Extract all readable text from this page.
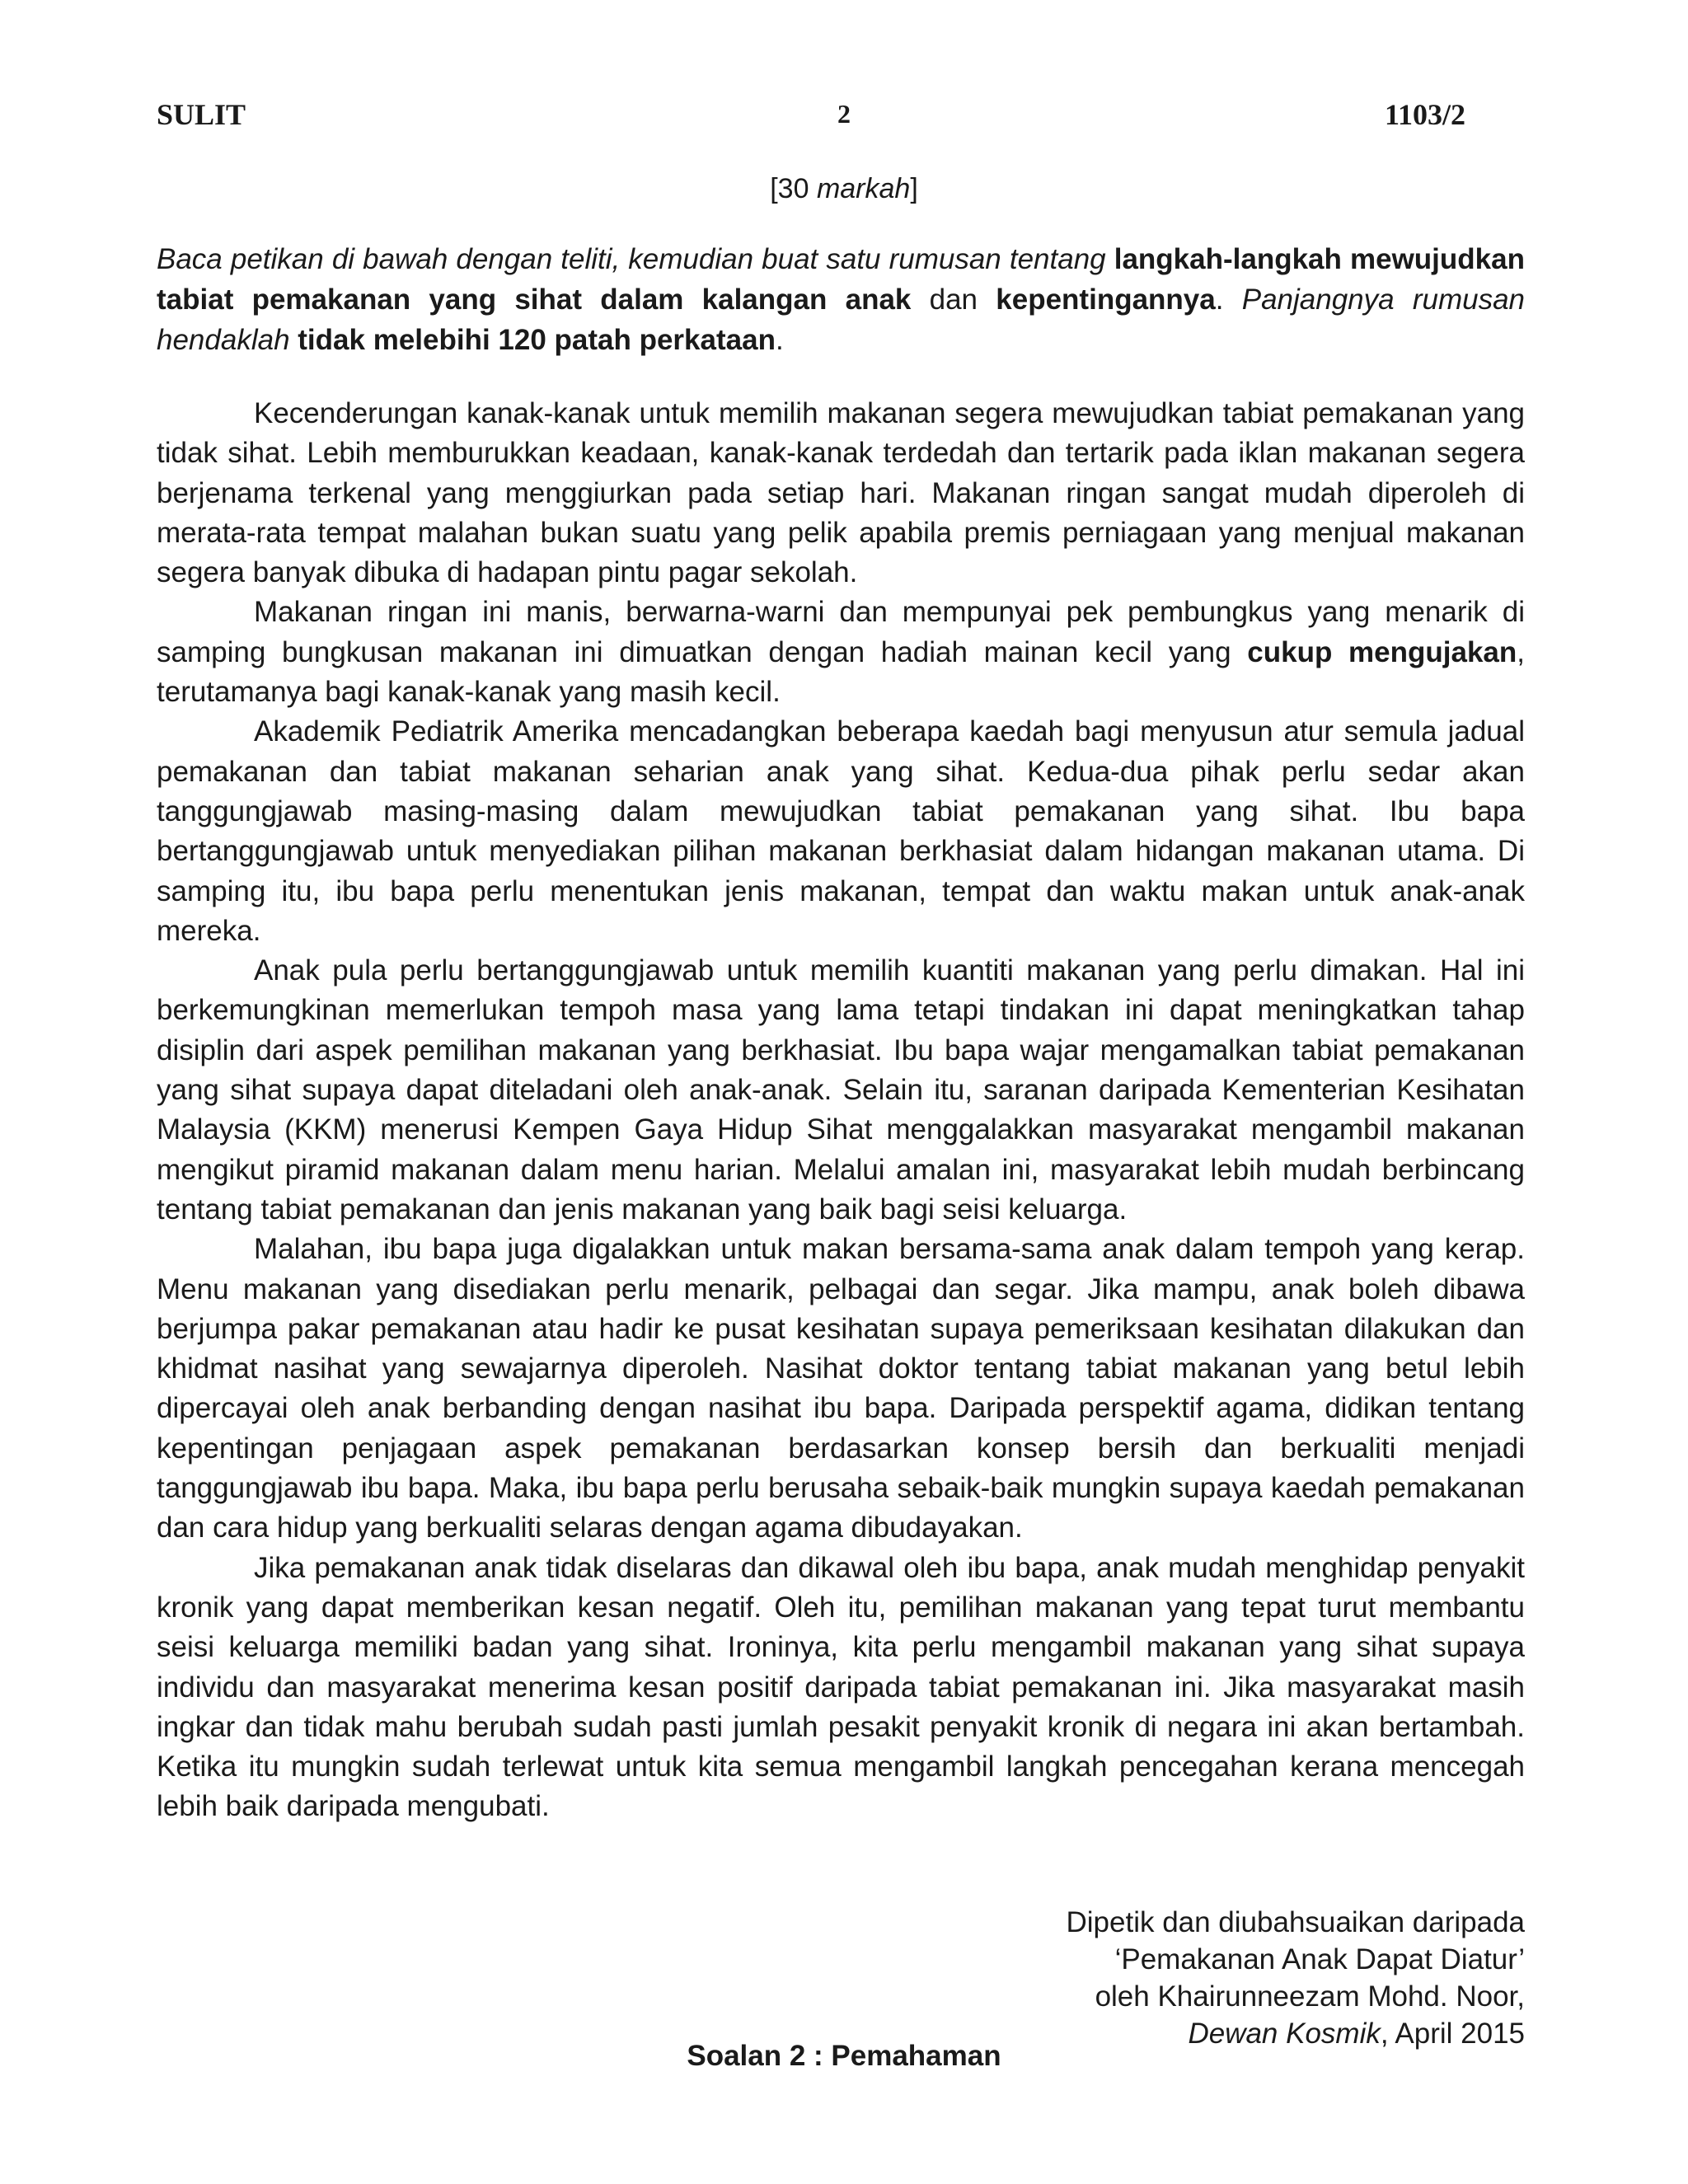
SULIT	2	1103/2
[30 markah]
Baca petikan di bawah dengan teliti, kemudian buat satu rumusan tentang langkah-langkah mewujudkan tabiat pemakanan yang sihat dalam kalangan anak dan kepentingannya. Panjangnya rumusan hendaklah tidak melebihi 120 patah perkataan.

Kecenderungan kanak-kanak untuk memilih makanan segera mewujudkan tabiat pemakanan yang tidak sihat. Lebih memburukkan keadaan, kanak-kanak terdedah dan tertarik pada iklan makanan segera berjenama terkenal yang menggiurkan pada setiap hari. Makanan ringan sangat mudah diperoleh di merata-rata tempat malahan bukan suatu yang pelik apabila premis perniagaan yang menjual makanan segera banyak dibuka di hadapan pintu pagar sekolah.

Makanan ringan ini manis, berwarna-warni dan mempunyai pek pembungkus yang menarik di samping bungkusan makanan ini dimuatkan dengan hadiah mainan kecil yang cukup mengujakan, terutamanya bagi kanak-kanak yang masih kecil.

Akademik Pediatrik Amerika mencadangkan beberapa kaedah bagi menyusun atur semula jadual pemakanan dan tabiat makanan seharian anak yang sihat. Kedua-dua pihak perlu sedar akan tanggungjawab masing-masing dalam mewujudkan tabiat pemakanan yang sihat. Ibu bapa bertanggungjawab untuk menyediakan pilihan makanan berkhasiat dalam hidangan makanan utama. Di samping itu, ibu bapa perlu menentukan jenis makanan, tempat dan waktu makan untuk anak-anak mereka.

Anak pula perlu bertanggungjawab untuk memilih kuantiti makanan yang perlu dimakan. Hal ini berkemungkinan memerlukan tempoh masa yang lama tetapi tindakan ini dapat meningkatkan tahap disiplin dari aspek pemilihan makanan yang berkhasiat. Ibu bapa wajar mengamalkan tabiat pemakanan yang sihat supaya dapat diteladani oleh anak-anak. Selain itu, saranan daripada Kementerian Kesihatan Malaysia (KKM) menerusi Kempen Gaya Hidup Sihat menggalakkan masyarakat mengambil makanan mengikut piramid makanan dalam menu harian. Melalui amalan ini, masyarakat lebih mudah berbincang tentang tabiat pemakanan dan jenis makanan yang baik bagi seisi keluarga.

Malahan, ibu bapa juga digalakkan untuk makan bersama-sama anak dalam tempoh yang kerap. Menu makanan yang disediakan perlu menarik, pelbagai dan segar. Jika mampu, anak boleh dibawa berjumpa pakar pemakanan atau hadir ke pusat kesihatan supaya pemeriksaan kesihatan dilakukan dan khidmat nasihat yang sewajarnya diperoleh. Nasihat doktor tentang tabiat makanan yang betul lebih dipercayai oleh anak berbanding dengan nasihat ibu bapa. Daripada perspektif agama, didikan tentang kepentingan penjagaan aspek pemakanan berdasarkan konsep bersih dan berkualiti menjadi tanggungjawab ibu bapa. Maka, ibu bapa perlu berusaha sebaik-baik mungkin supaya kaedah pemakanan dan cara hidup yang berkualiti selaras dengan agama dibudayakan.

Jika pemakanan anak tidak diselaras dan dikawal oleh ibu bapa, anak mudah menghidap penyakit kronik yang dapat memberikan kesan negatif. Oleh itu, pemilihan makanan yang tepat turut membantu seisi keluarga memiliki badan yang sihat. Ironinya, kita perlu mengambil makanan yang sihat supaya individu dan masyarakat menerima kesan positif daripada tabiat pemakanan ini. Jika masyarakat masih ingkar dan tidak mahu berubah sudah pasti jumlah pesakit penyakit kronik di negara ini akan bertambah. Ketika itu mungkin sudah terlewat untuk kita semua mengambil langkah pencegahan kerana mencegah lebih baik daripada mengubati.

Dipetik dan diubahsuaikan daripada
‘Pemakanan Anak Dapat Diatur’
oleh Khairunneezam Mohd. Noor,
Dewan Kosmik, April 2015
Soalan 2 : Pemahaman
